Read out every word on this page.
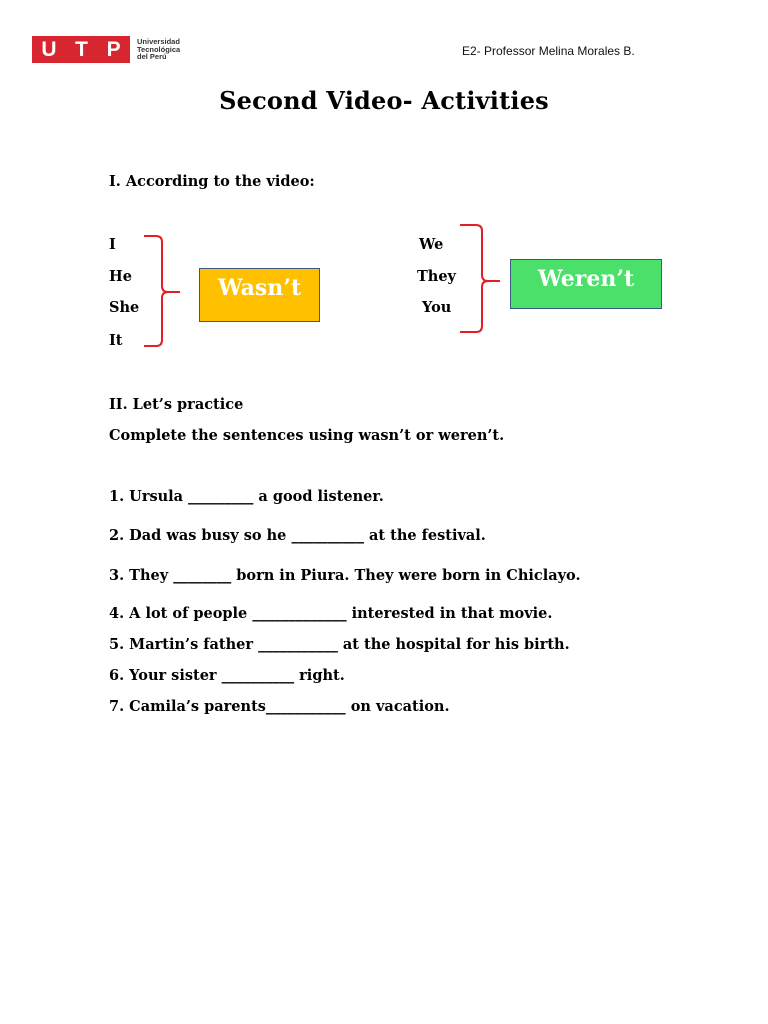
U T P Universidad
Tecnológica
del Perú	E2- Professor Melina Morales B.
Second Video- Activities
I. According to the video:
I
He
She
It
Wasn’t
We
They
You
Weren’t
II. Let’s practice
Complete the sentences using wasn’t or weren’t.
1. Ursula _________ a good listener.
2. Dad was busy so he __________ at the festival.
3. They ________ born in Piura. They were born in Chiclayo.
4. A lot of people _____________ interested in that movie.
5. Martin’s father ___________ at the hospital for his birth.
6. Your sister __________ right.
7. Camila’s parents___________ on vacation.
